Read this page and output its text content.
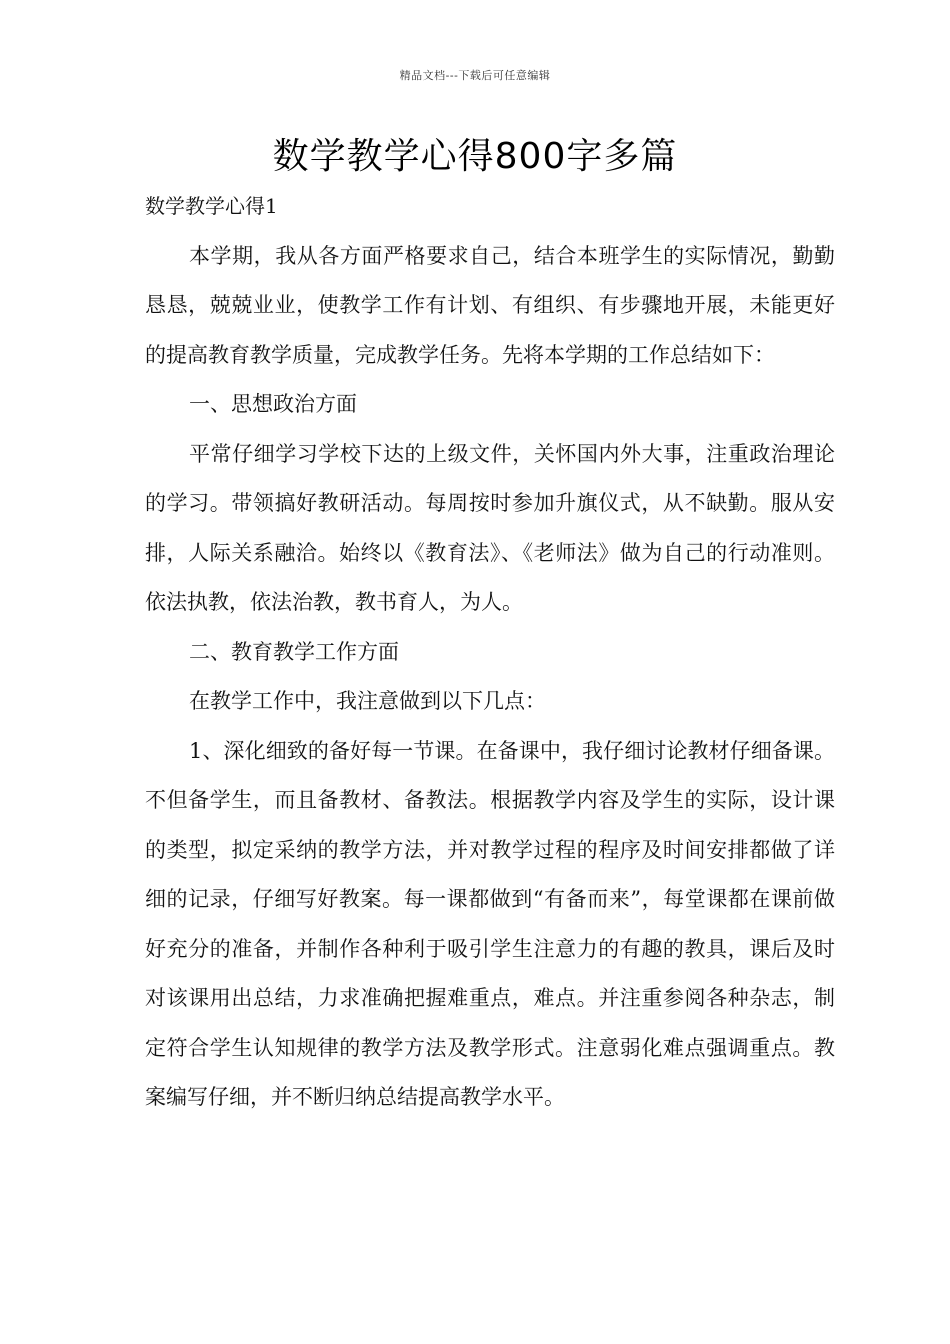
精品文档---下载后可任意编辑
数学教学心得800字多篇

数学教学心得1

本学期，我从各方面严格要求自己，结合本班学生的实际情况，勤勤恳恳，兢兢业业，使教学工作有计划、有组织、有步骤地开展，未能更好的提高教育教学质量，完成教学任务。先将本学期的工作总结如下：

一、思想政治方面

平常仔细学习学校下达的上级文件，关怀国内外大事，注重政治理论的学习。带领搞好教研活动。每周按时参加升旗仪式，从不缺勤。服从安排，人际关系融洽。始终以《教育法》、《老师法》做为自己的行动准则。依法执教，依法治教，教书育人，为人。

二、教育教学工作方面

在教学工作中，我注意做到以下几点：

1、深化细致的备好每一节课。在备课中，我仔细讨论教材仔细备课。不但备学生，而且备教材、备教法。根据教学内容及学生的实际，设计课的类型，拟定采纳的教学方法，并对教学过程的程序及时间安排都做了详细的记录，仔细写好教案。每一课都做到“有备而来”，每堂课都在课前做好充分的准备，并制作各种利于吸引学生注意力的有趣的教具，课后及时对该课用出总结，力求准确把握难重点，难点。并注重参阅各种杂志，制定符合学生认知规律的教学方法及教学形式。注意弱化难点强调重点。教案编写仔细，并不断归纳总结提高教学水平。
